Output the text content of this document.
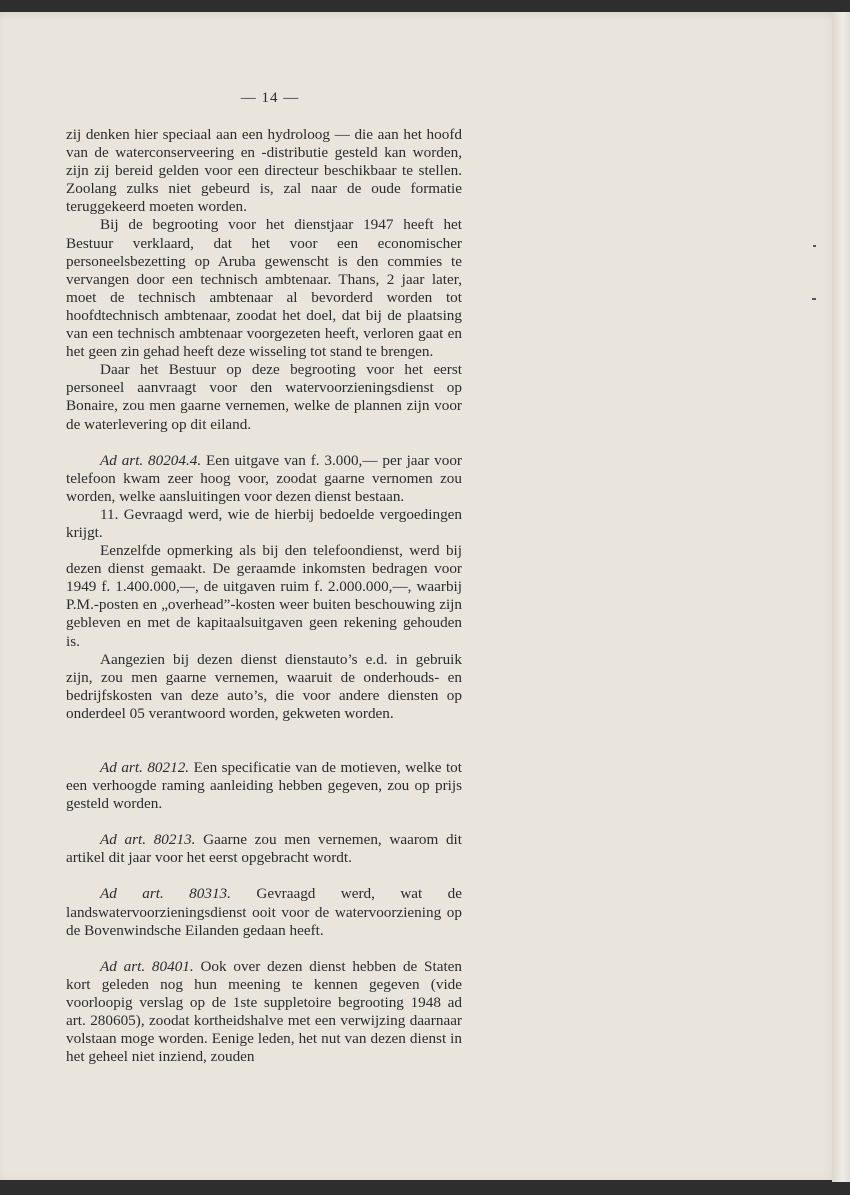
— 14 —

zij denken hier speciaal aan een hydroloog — die aan het hoofd van de waterconserveering en -distributie gesteld kan worden, zijn zij bereid gelden voor een directeur beschikbaar te stellen. Zoolang zulks niet gebeurd is, zal naar de oude formatie teruggekeerd moeten worden.

Bij de begrooting voor het dienstjaar 1947 heeft het Bestuur verklaard, dat het voor een economischer personeelsbezetting op Aruba gewenscht is den commies te vervangen door een technisch ambtenaar. Thans, 2 jaar later, moet de technisch ambtenaar al bevorderd worden tot hoofdtechnisch ambtenaar, zoodat het doel, dat bij de plaatsing van een technisch ambtenaar voorgezeten heeft, verloren gaat en het geen zin gehad heeft deze wisseling tot stand te brengen.

Daar het Bestuur op deze begrooting voor het eerst personeel aanvraagt voor den watervoorzieningsdienst op Bonaire, zou men gaarne vernemen, welke de plannen zijn voor de waterlevering op dit eiland.

Ad art. 80204.4. Een uitgave van f. 3.000,— per jaar voor telefoon kwam zeer hoog voor, zoodat gaarne vernomen zou worden, welke aansluitingen voor dezen dienst bestaan.

11. Gevraagd werd, wie de hierbij bedoelde vergoedingen krijgt.

Eenzelfde opmerking als bij den telefoondienst, werd bij dezen dienst gemaakt. De geraamde inkomsten bedragen voor 1949 f. 1.400.000,—, de uitgaven ruim f. 2.000.000,—, waarbij P.M.-posten en „overhead”-kosten weer buiten beschouwing zijn gebleven en met de kapitaalsuitgaven geen rekening gehouden is.

Aangezien bij dezen dienst dienstauto’s e.d. in gebruik zijn, zou men gaarne vernemen, waaruit de onderhouds- en bedrijfskosten van deze auto’s, die voor andere diensten op onderdeel 05 verantwoord worden, gekweten worden.

Ad art. 80212. Een specificatie van de motieven, welke tot een verhoogde raming aanleiding hebben gegeven, zou op prijs gesteld worden.

Ad art. 80213. Gaarne zou men vernemen, waarom dit artikel dit jaar voor het eerst opgebracht wordt.

Ad art. 80313. Gevraagd werd, wat de landswatervoorzieningsdienst ooit voor de watervoorziening op de Bovenwindsche Eilanden gedaan heeft.

Ad art. 80401. Ook over dezen dienst hebben de Staten kort geleden nog hun meening te kennen gegeven (vide voorloopig verslag op de 1ste suppletoire begrooting 1948 ad art. 280605), zoodat kortheidshalve met een verwijzing daarnaar volstaan moge worden. Eenige leden, het nut van dezen dienst in het geheel niet inziend, zouden
